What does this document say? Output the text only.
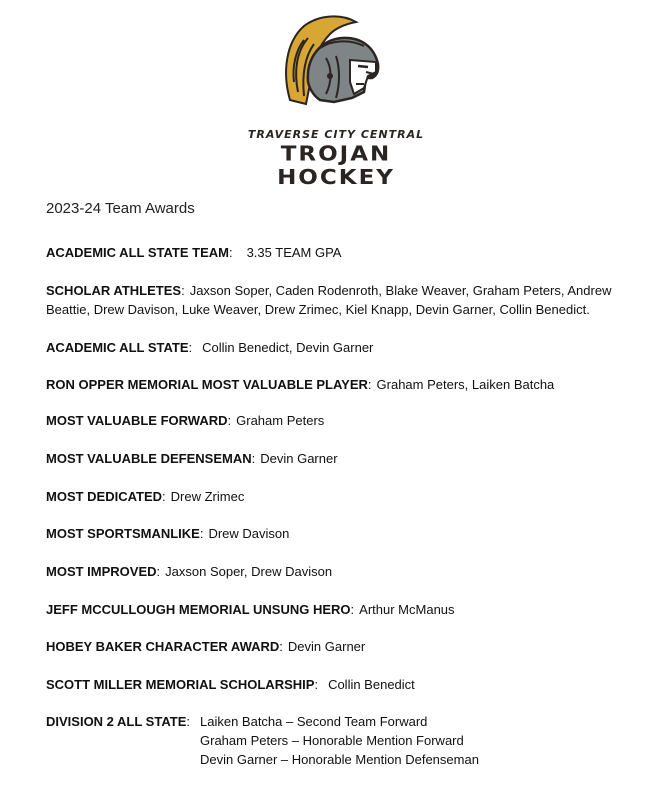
TRAVERSE CITY CENTRAL
TROJAN HOCKEY
2023-24 Team Awards
ACADEMIC ALL STATE TEAM: 3.35 TEAM GPA
SCHOLAR ATHLETES: Jaxson Soper, Caden Rodenroth, Blake Weaver, Graham Peters, Andrew Beattie, Drew Davison, Luke Weaver, Drew Zrimec, Kiel Knapp, Devin Garner, Collin Benedict.
ACADEMIC ALL STATE: Collin Benedict, Devin Garner
RON OPPER MEMORIAL MOST VALUABLE PLAYER: Graham Peters, Laiken Batcha
MOST VALUABLE FORWARD: Graham Peters
MOST VALUABLE DEFENSEMAN: Devin Garner
MOST DEDICATED: Drew Zrimec
MOST SPORTSMANLIKE: Drew Davison
MOST IMPROVED: Jaxson Soper, Drew Davison
JEFF MCCULLOUGH MEMORIAL UNSUNG HERO: Arthur McManus
HOBEY BAKER CHARACTER AWARD: Devin Garner
SCOTT MILLER MEMORIAL SCHOLARSHIP: Collin Benedict
DIVISION 2 ALL STATE: Laiken Batcha – Second Team Forward
Graham Peters – Honorable Mention Forward
Devin Garner – Honorable Mention Defenseman
